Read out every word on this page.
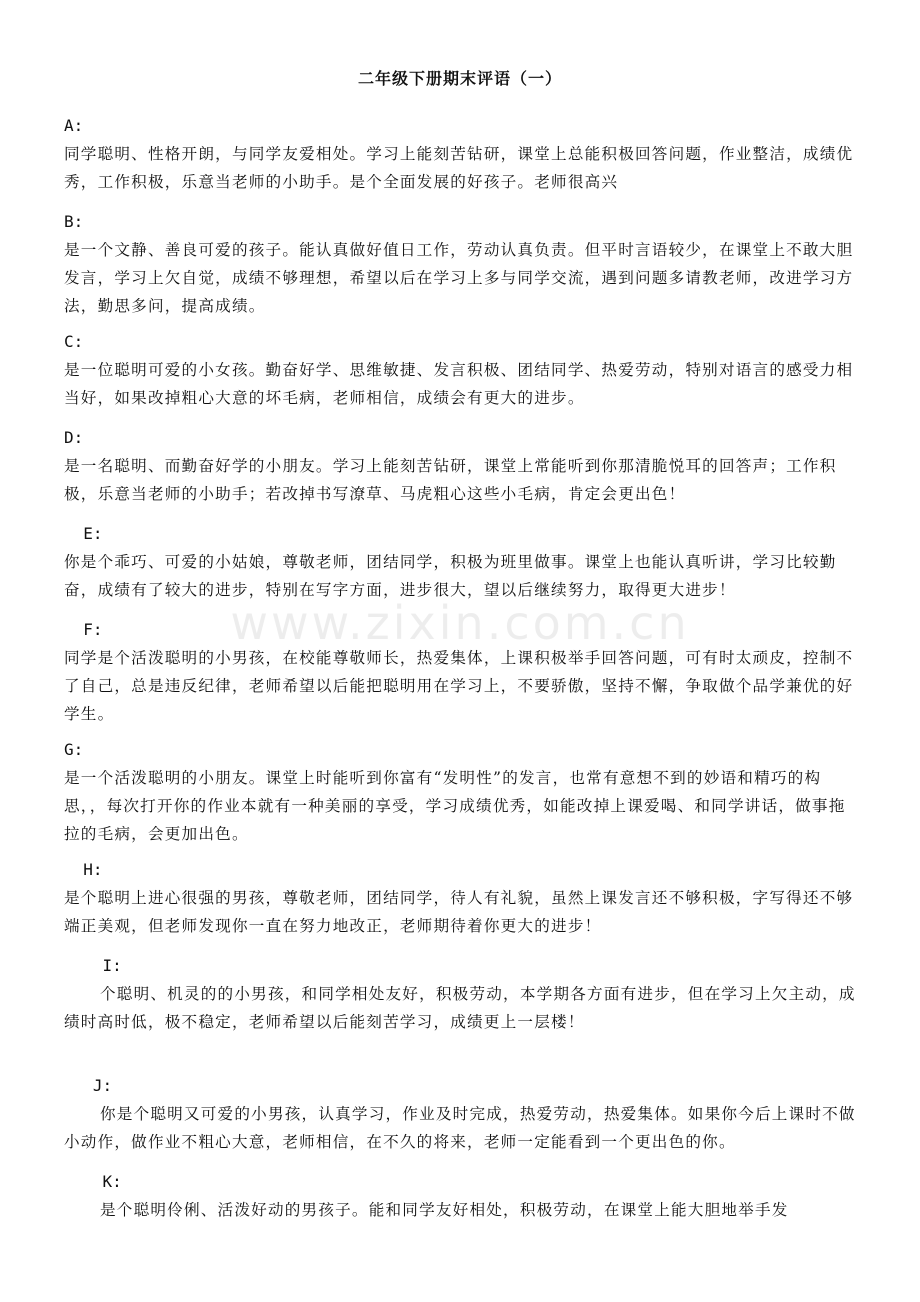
二年级下册期末评语（一）
www.zixin.com.cn
A:
同学聪明、性格开朗，与同学友爱相处。学习上能刻苦钻研，课堂上总能积极回答问题，作业整洁，成绩优秀，工作积极，乐意当老师的小助手。是个全面发展的好孩子。老师很高兴
B:
是一个文静、善良可爱的孩子。能认真做好值日工作，劳动认真负责。但平时言语较少，在课堂上不敢大胆发言，学习上欠自觉，成绩不够理想，希望以后在学习上多与同学交流，遇到问题多请教老师，改进学习方法，勤思多问，提高成绩。
C:
是一位聪明可爱的小女孩。勤奋好学、思维敏捷、发言积极、团结同学、热爱劳动，特别对语言的感受力相当好，如果改掉粗心大意的坏毛病，老师相信，成绩会有更大的进步。
D:
是一名聪明、而勤奋好学的小朋友。学习上能刻苦钻研，课堂上常能听到你那清脆悦耳的回答声；工作积极，乐意当老师的小助手；若改掉书写潦草、马虎粗心这些小毛病，肯定会更出色！
E:
你是个乖巧、可爱的小姑娘，尊敬老师，团结同学，积极为班里做事。课堂上也能认真听讲，学习比较勤奋，成绩有了较大的进步，特别在写字方面，进步很大，望以后继续努力，取得更大进步！
F:
同学是个活泼聪明的小男孩，在校能尊敬师长，热爱集体，上课积极举手回答问题，可有时太顽皮，控制不了自己，总是违反纪律，老师希望以后能把聪明用在学习上，不要骄傲，坚持不懈，争取做个品学兼优的好学生。
G:
是一个活泼聪明的小朋友。课堂上时能听到你富有“发明性”的发言，也常有意想不到的妙语和精巧的构思，，每次打开你的作业本就有一种美丽的享受，学习成绩优秀，如能改掉上课爱喝、和同学讲话，做事拖拉的毛病，会更加出色。
H:
是个聪明上进心很强的男孩，尊敬老师，团结同学，待人有礼貌，虽然上课发言还不够积极，字写得还不够端正美观，但老师发现你一直在努力地改正，老师期待着你更大的进步！
I:
个聪明、机灵的的小男孩，和同学相处友好，积极劳动，本学期各方面有进步，但在学习上欠主动，成绩时高时低，极不稳定，老师希望以后能刻苦学习，成绩更上一层楼！
J:
你是个聪明又可爱的小男孩，认真学习，作业及时完成，热爱劳动，热爱集体。如果你今后上课时不做小动作，做作业不粗心大意，老师相信，在不久的将来，老师一定能看到一个更出色的你。
K:
是个聪明伶俐、活泼好动的男孩子。能和同学友好相处，积极劳动，在课堂上能大胆地举手发
